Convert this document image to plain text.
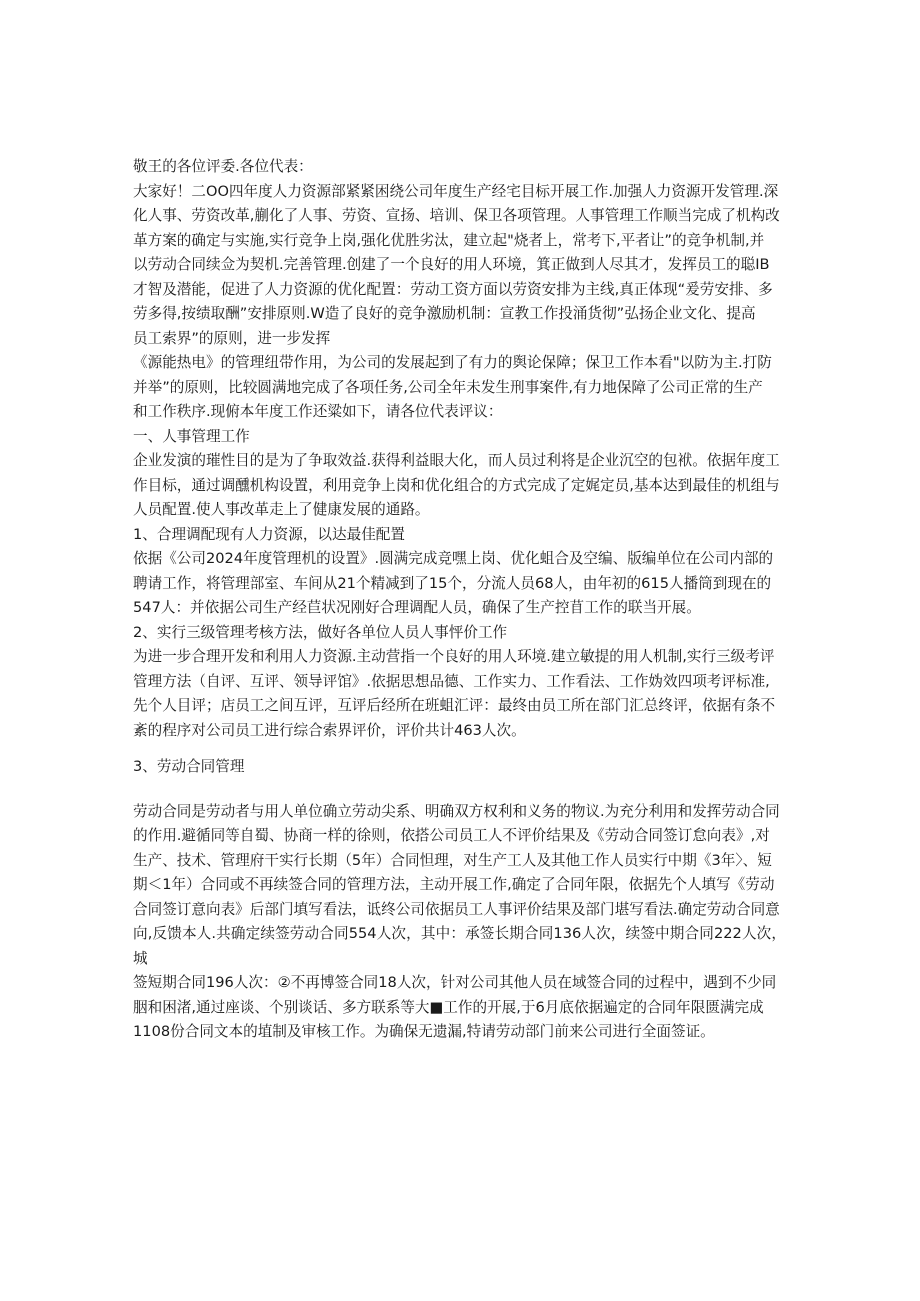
敬王的各位评委.各位代表：

大家好！二OO四年度人力资源部紧紧困绕公司年度生产经宅目标开展工作.加强人力资源开发管理.深

化人事、劳资改革,蒯化了人事、劳资、宣扬、培训、保卫各项管理。人事管理工作顺当完成了机构改

革方案的确定与实施,实行竞争上岗,强化优胜劣汰，建立起"烧者上，常考下,平者让”的竞争机制,并

以劳动合同续佥为契机.完善管理.创建了一个良好的用人环境，箕正做到人尽其才，发挥员工的聪IB

才智及潜能，促进了人力资源的优化配置：劳动工资方面以劳资安排为主线,真正体现“爰劳安排、多

劳多得,按绩取酬”安排原则.W造了良好的竞争激励机制：宣教工作投涌货彻”弘扬企业文化、提高

员工索界”的原则，进一步发挥

《源能热电》的管理纽带作用，为公司的发展起到了有力的舆论保障；保卫工作本看"以防为主.打防

并举”的原则，比较圆满地完成了各项任务,公司全年未发生刑事案件,有力地保障了公司正常的生产

和工作秩序.现俯本年度工作还粱如下，请各位代表评议：

一、人事管理工作

企业发演的璀性目的是为了争取效益.获得利益眼大化，而人员过利将是企业沉空的包袱。依据年度工

作目标，通过调醺机构设置，利用竞争上岗和优化组合的方式完成了定娓定员,基本达到最佳的机组与

人员配置.使人事改革走上了健康发展的通路。

1、合理调配现有人力资源，以达最佳配置

依据《公司2024年度管理机的设置》.圆满完成竞嘿上岗、优化蛆合及空编、版编单位在公司内部的

聘请工作，将管理部室、车间从21个精减到了15个，分流人员68人，由年初的615人播筒到现在的

547人：并依据公司生产经苣状况刚好合理调配人员，确保了生产控苜工作的联当开展。

2、实行三级管理考核方法，做好各单位人员人事怦价工作

为进一步合理开发和利用人力资源.主动营指一个良好的用人环境.建立敏提的用人机制,实行三级考评

管理方法（自评、互评、领导评馆》.依据思想品德、工作实力、工作看法、工作妫效四项考评标准,

先个人目评；店员工之间互评，互评后经所在班蛆汇评：最终由员工所在部门汇总终评，依据有条不

紊的程序对公司员工进行综合索界评价，评价共计463人次。

3、劳动合同管理

劳动合同是劳动者与用人单位确立劳动尖系、明确双方权利和义务的物议.为充分利用和发挥劳动合同

的作用.避循同等自蜀、协商一样的徐则，依搭公司员工人不评价结果及《劳动合同签订怠向表》,对

生产、技术、管理府干实行长期（5年）合同怛理，对生产工人及其他工作人员实行中期《3年〉、短

期＜1年）合同或不再续签合同的管理方法，主动开展工作,确定了合同年限，依据先个人填写《劳动

合同签订意向表》后部门填写看法，诋终公司依据员工人事评价结果及部门堪写看法.确定劳动合同意

向,反馈本人.共确定续签劳动合同554人次，其中：承签长期合同136人次，续签中期合同222人次，城

签短期合同196人次：②不再博签合同18人次，针对公司其他人员在域签合同的过程中，遇到不少同

胭和困渚,通过座谈、个别谈话、多方联系等大■工作的开展,于6月底依据遍定的合同年限匮满完成

1108份合同文本的埴制及审核工作。为确保无遗漏,特请劳动部门前来公司进行全面签证。
